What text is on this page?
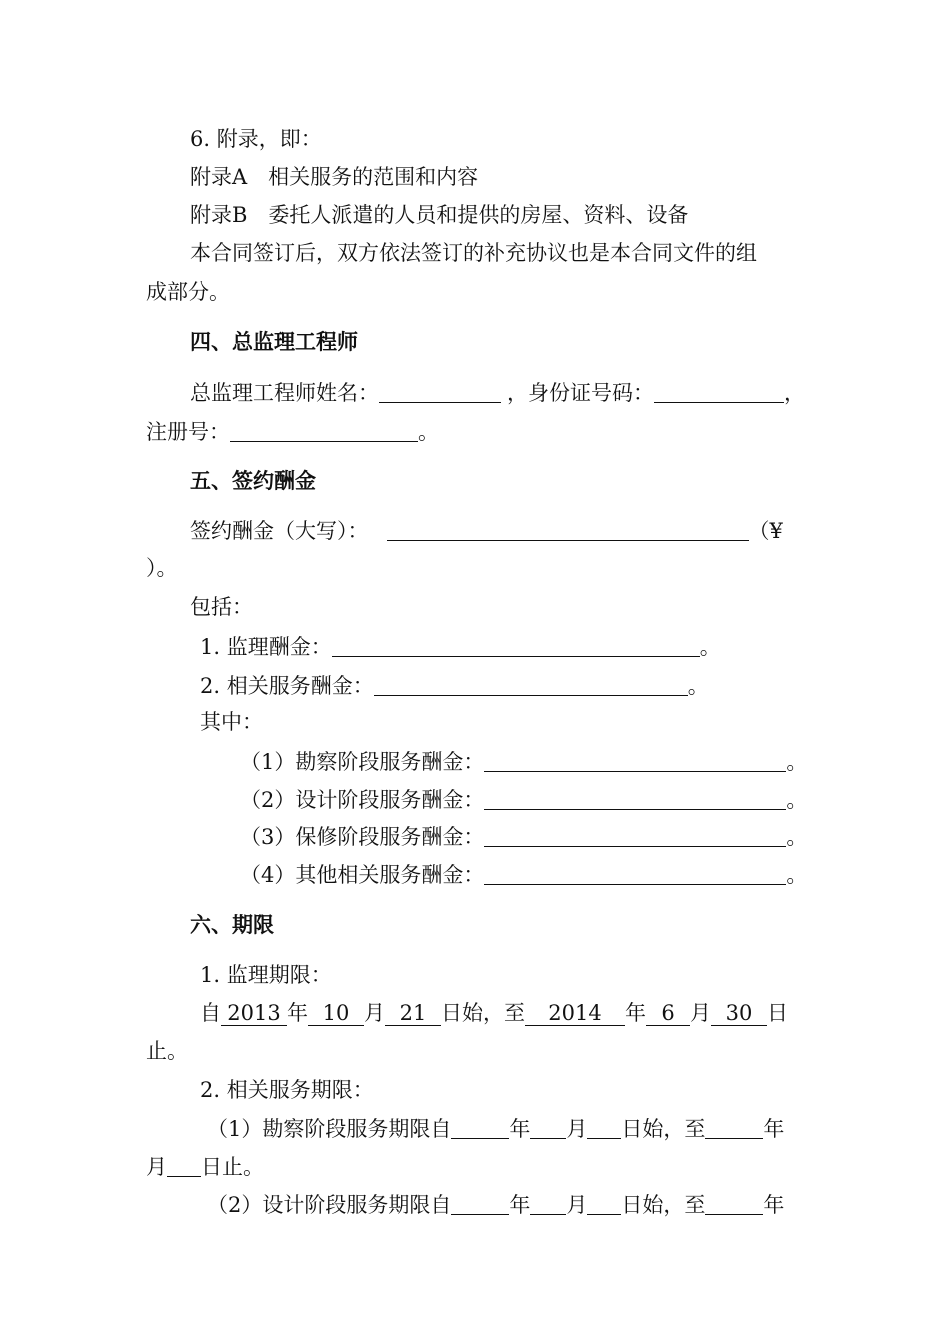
6. 附录，即：
附录A　相关服务的范围和内容
附录B　委托人派遣的人员和提供的房屋、资料、设备
本合同签订后，双方依法签订的补充协议也是本合同文件的组
成部分。
四、总监理工程师
总监理工程师姓名：	，身份证号码：	，
注册号：	。
五、签约酬金
签约酬金（大写）：	（¥
）。
包括：
1. 监理酬金：	。
2. 相关服务酬金：	。
其中：
（1）勘察阶段服务酬金：	。
（2）设计阶段服务酬金：	。
（3）保修阶段服务酬金：	。
（4）其他相关服务酬金：	。
六、期限
1. 监理期限：
自 2013 年 10 月 21 日始，至 2014 年 6 月 30 日
止。
2. 相关服务期限：
（1）勘察阶段服务期限自	年 月 日始，至	年
月 日止。
（2）设计阶段服务期限自	年 月 日始，至	年
